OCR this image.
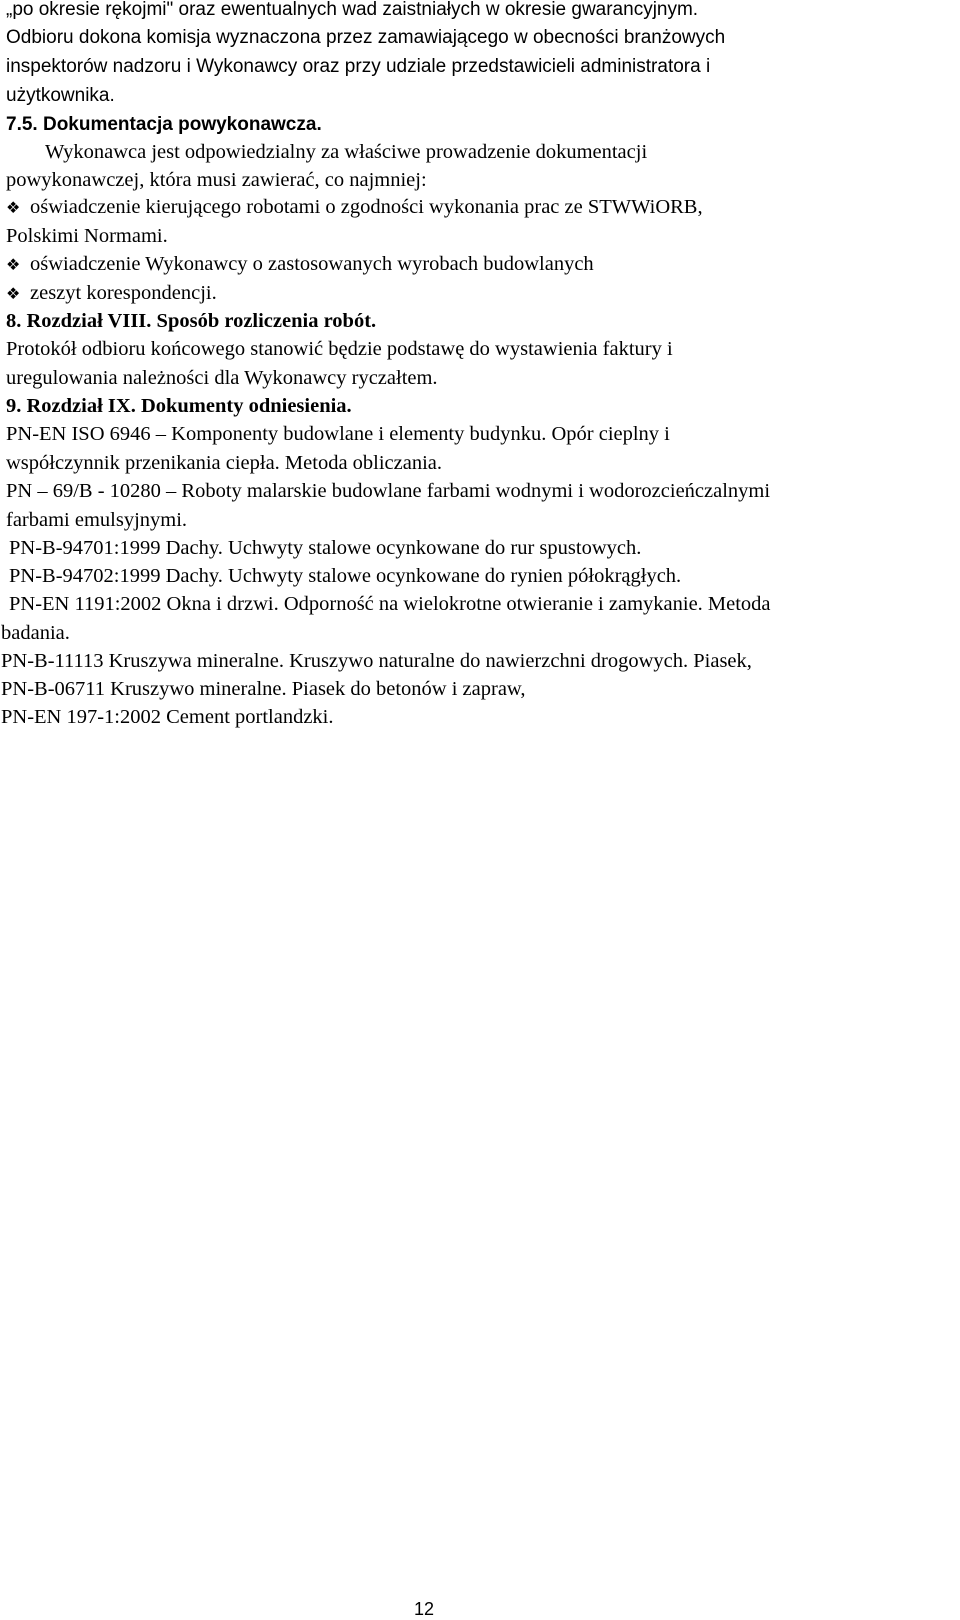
„po okresie rękojmi" oraz ewentualnych wad zaistniałych w okresie gwarancyjnym.
Odbioru dokona komisja wyznaczona przez zamawiającego w obecności branżowych
inspektorów nadzoru i Wykonawcy oraz przy udziale przedstawicieli administratora i
użytkownika.
7.5. Dokumentacja powykonawcza.
Wykonawca jest odpowiedzialny za właściwe prowadzenie dokumentacji
powykonawczej, która musi zawierać, co najmniej:
❖ oświadczenie kierującego robotami o zgodności wykonania prac ze STWWiORB,
Polskimi Normami.
❖ oświadczenie Wykonawcy o zastosowanych wyrobach budowlanych
❖ zeszyt korespondencji.
8. Rozdział VIII. Sposób rozliczenia robót.
Protokół odbioru końcowego stanowić będzie podstawę do wystawienia faktury i
uregulowania należności dla Wykonawcy ryczałtem.
9. Rozdział IX. Dokumenty odniesienia.
PN-EN ISO 6946 – Komponenty budowlane i elementy budynku. Opór cieplny i
współczynnik przenikania ciepła. Metoda obliczania.
PN – 69/B - 10280 – Roboty malarskie budowlane farbami wodnymi i wodorozcieńczalnymi
farbami emulsyjnymi.
PN-B-94701:1999 Dachy. Uchwyty stalowe ocynkowane do rur spustowych.
PN-B-94702:1999 Dachy. Uchwyty stalowe ocynkowane do rynien półokrągłych.
PN-EN 1191:2002 Okna i drzwi. Odporność na wielokrotne otwieranie i zamykanie. Metoda
badania.
PN-B-11113 Kruszywa mineralne. Kruszywo naturalne do nawierzchni drogowych. Piasek,
PN-B-06711 Kruszywo mineralne. Piasek do betonów i zapraw,
PN-EN 197-1:2002 Cement portlandzki.
12
